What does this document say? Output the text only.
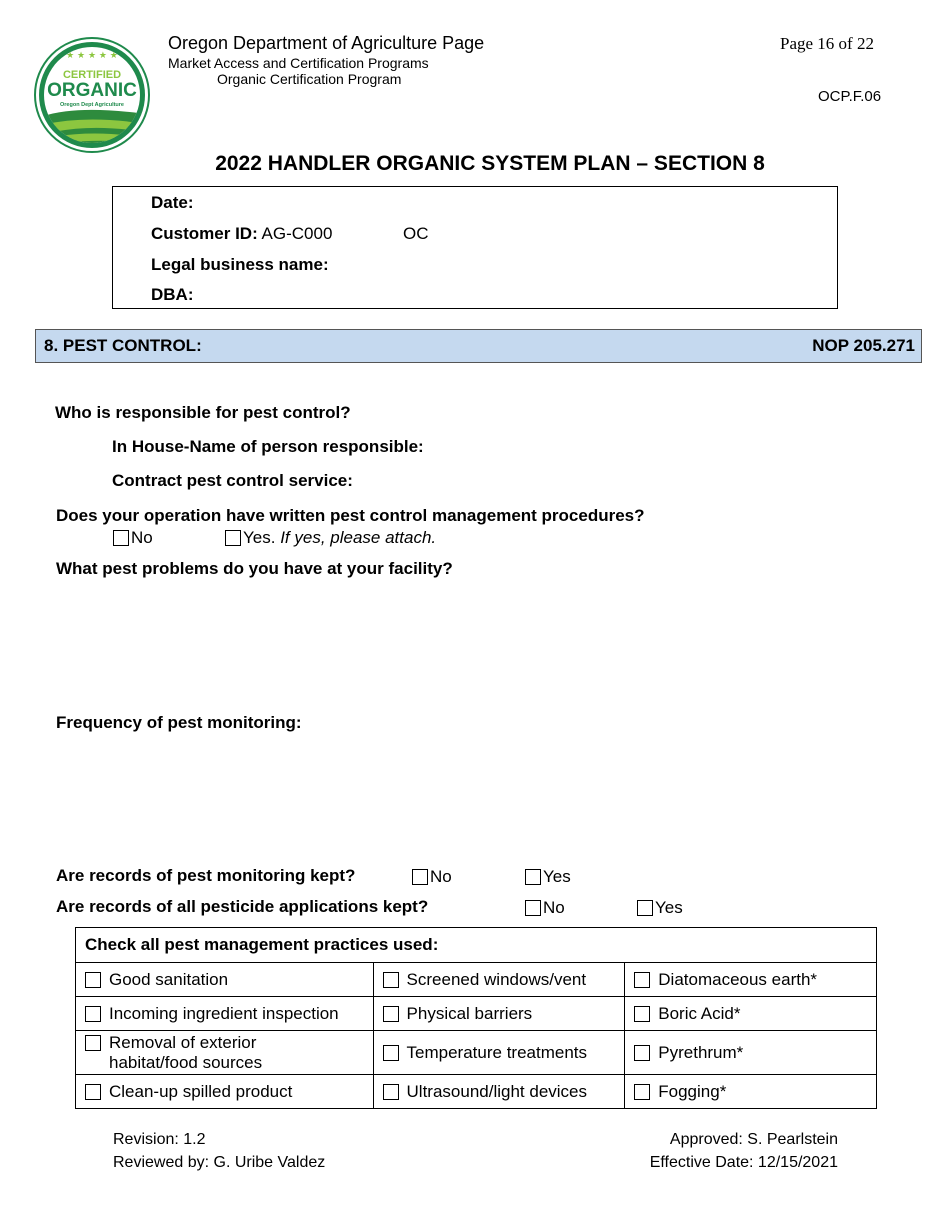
★ ★ ★ ★ ★
CERTIFIED
ORGANIC
Oregon Dept Agriculture
Oregon Department of Agriculture Page
Market Access and Certification Programs
Organic Certification Program
Page 16 of 22
OCP.F.06
2022 HANDLER ORGANIC SYSTEM PLAN – SECTION 8
Date:
Customer ID: AG-C000	OC
Legal business name:
DBA:
8. PEST CONTROL:	NOP 205.271
Who is responsible for pest control?
In House-Name of person responsible:
Contract pest control service:
Does your operation have written pest control management procedures?
No	Yes.
If yes, please attach.
What pest problems do you have at your facility?
Frequency of pest monitoring:
Are records of pest monitoring kept?	No	Yes
Are records of all pesticide applications kept?	No	Yes
Check all pest management practices used:		

Good sanitation	Screened windows/vent	Diatomaceous earth*

Incoming ingredient inspection	Physical barriers	Boric Acid*

Removal of exterior habitat/food sources	Temperature treatments	Pyrethrum*

Clean-up spilled product	Ultrasound/light devices	Fogging*
Revision: 1.2
Reviewed by: G. Uribe Valdez
Approved: S. Pearlstein
Effective Date: 12/15/2021
